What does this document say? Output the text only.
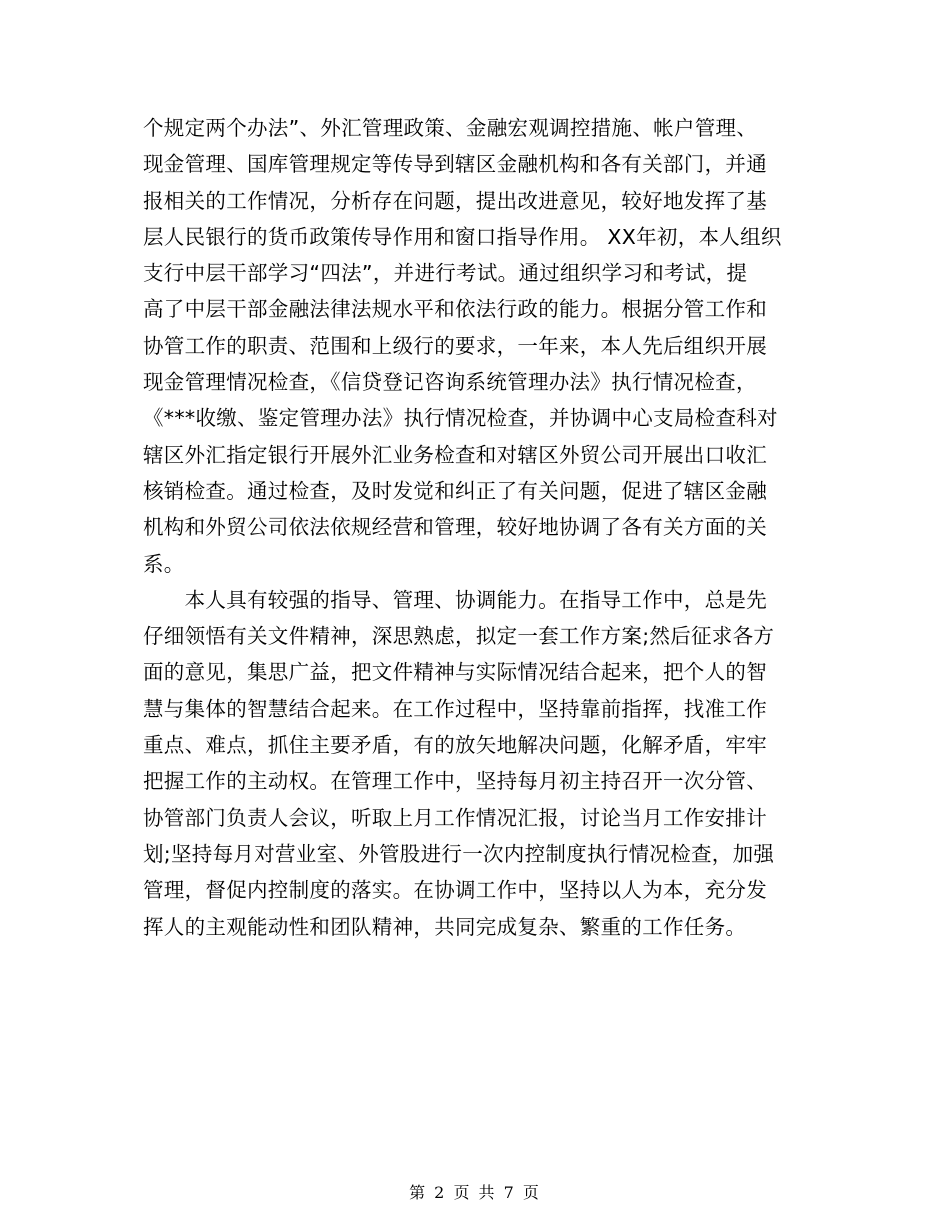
个规定两个办法”、外汇管理政策、金融宏观调控措施、帐户管理、
现金管理、国库管理规定等传导到辖区金融机构和各有关部门，并通
报相关的工作情况，分析存在问题，提出改进意见，较好地发挥了基
层人民银行的货币政策传导作用和窗口指导作用。 XX年初，本人组织
支行中层干部学习“四法”，并进行考试。通过组织学习和考试，提
高了中层干部金融法律法规水平和依法行政的能力。根据分管工作和
协管工作的职责、范围和上级行的要求，一年来，本人先后组织开展
现金管理情况检查，《信贷登记咨询系统管理办法》执行情况检查，
《***收缴、鉴定管理办法》执行情况检查，并协调中心支局检查科对
辖区外汇指定银行开展外汇业务检查和对辖区外贸公司开展出口收汇
核销检查。通过检查，及时发觉和纠正了有关问题，促进了辖区金融
机构和外贸公司依法依规经营和管理，较好地协调了各有关方面的关
系。
　　本人具有较强的指导、管理、协调能力。在指导工作中，总是先
仔细领悟有关文件精神，深思熟虑，拟定一套工作方案;然后征求各方
面的意见，集思广益，把文件精神与实际情况结合起来，把个人的智
慧与集体的智慧结合起来。在工作过程中，坚持靠前指挥，找准工作
重点、难点，抓住主要矛盾，有的放矢地解决问题，化解矛盾，牢牢
把握工作的主动权。在管理工作中，坚持每月初主持召开一次分管、
协管部门负责人会议，听取上月工作情况汇报，讨论当月工作安排计
划;坚持每月对营业室、外管股进行一次内控制度执行情况检查，加强
管理，督促内控制度的落实。在协调工作中，坚持以人为本，充分发
挥人的主观能动性和团队精神，共同完成复杂、繁重的工作任务。
第 2 页 共 7 页
